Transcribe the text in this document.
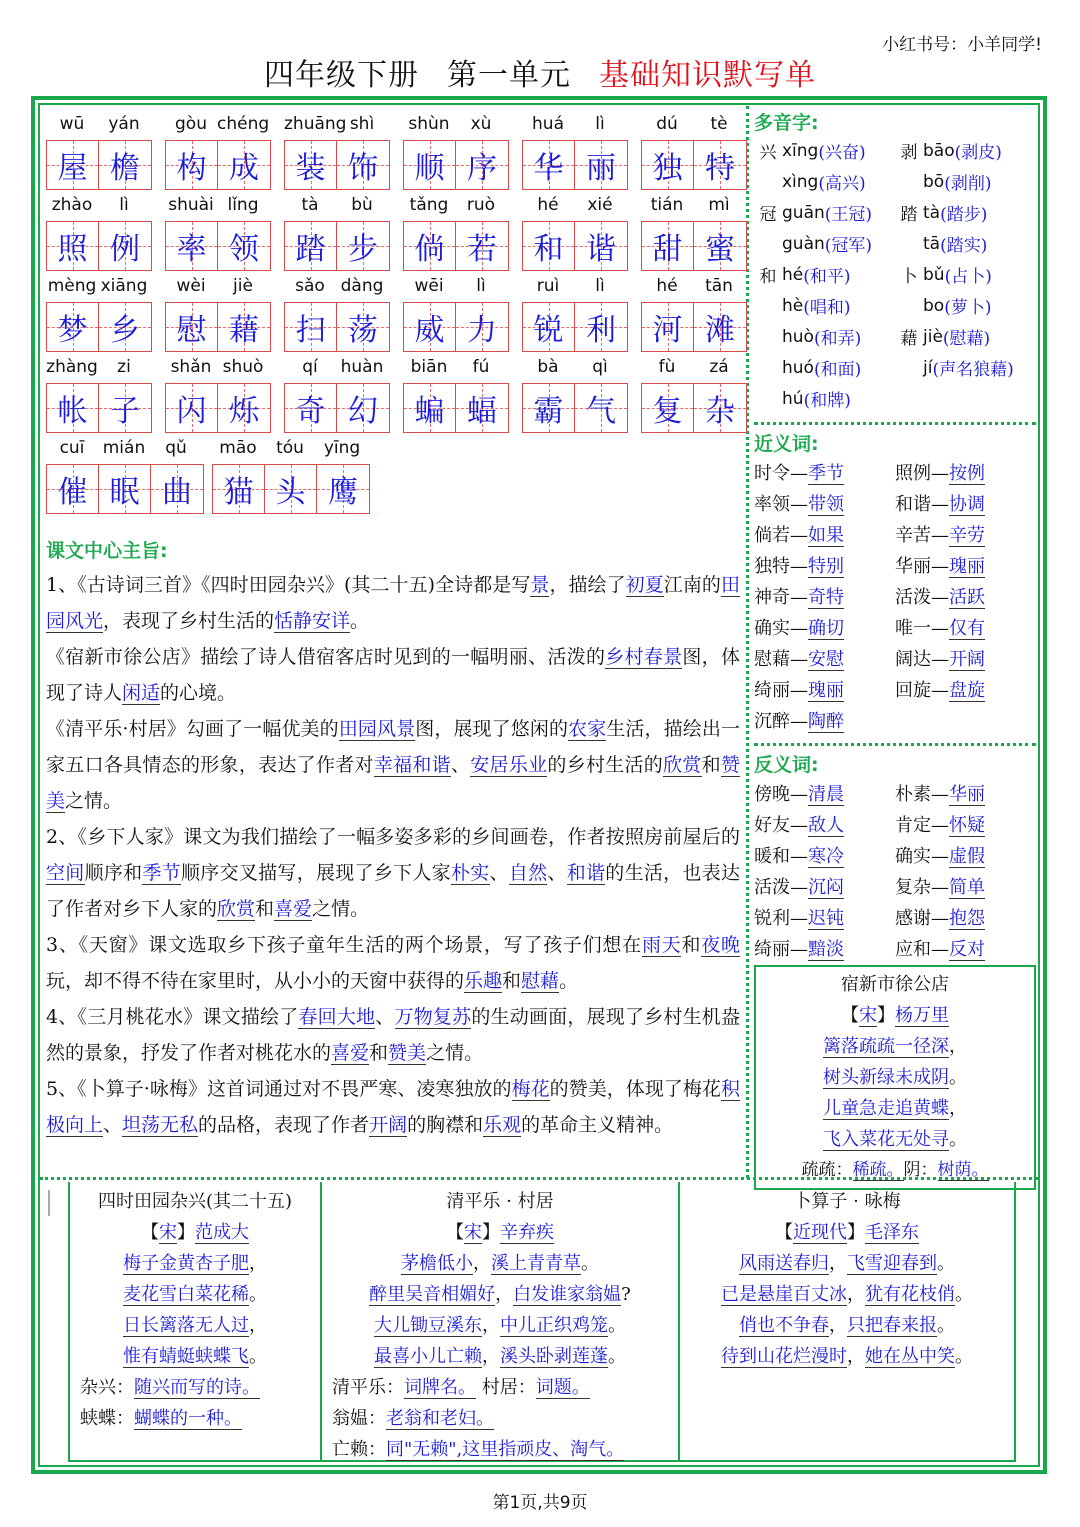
小红书号：小羊同学!
四年级下册 第一单元 基础知识默写单
wū	yán
屋 檐
gòu chéng
构 成
zhuāng shì
装 饰
shùn	xù
顺 序
huá	lì
华 丽
dú	tè
独 特
zhào	lì
照 例
shuài lǐng
率 领
tà	bù
踏 步
tǎng	ruò
倘 若
hé	xié
和 谐
tián	mì
甜 蜜
mèng xiāng
梦 乡
wèi	jiè
慰 藉
sǎo dàng
扫 荡
wēi	lì
威 力
ruì	lì
锐 利
hé	tān
河 滩
zhàng	zi
帐 子
shǎn shuò
闪 烁
qí	huàn
奇 幻
biān	fú
蝙 蝠
bà	qì
霸 气
fù	zá
复 杂
cuī	mián	qǔ
催 眠 曲
māo	tóu	yīng
猫 头 鹰
课文中心主旨:

1、《古诗词三首》《四时田园杂兴》(其二十五)全诗都是写景，描绘了初夏江南的田园风光，表现了乡村生活的恬静安详。

《宿新市徐公店》描绘了诗人借宿客店时见到的一幅明丽、活泼的乡村春景图，体现了诗人闲适的心境。

《清平乐·村居》勾画了一幅优美的田园风景图，展现了悠闲的农家生活，描绘出一家五口各具情态的形象，表达了作者对幸福和谐、安居乐业的乡村生活的欣赏和赞美之情。

2、《乡下人家》课文为我们描绘了一幅多姿多彩的乡间画卷，作者按照房前屋后的空间顺序和季节顺序交叉描写，展现了乡下人家朴实、自然、和谐的生活，也表达了作者对乡下人家的欣赏和喜爱之情。

3、《天窗》课文选取乡下孩子童年生活的两个场景，写了孩子们想在雨天和夜晚玩，却不得不待在家里时，从小小的天窗中获得的乐趣和慰藉。

4、《三月桃花水》课文描绘了春回大地、万物复苏的生动画面，展现了乡村生机盎然的景象，抒发了作者对桃花水的喜爱和赞美之情。

5、《卜算子·咏梅》这首词通过对不畏严寒、凌寒独放的梅花的赞美，体现了梅花积极向上、坦荡无私的品格，表现了作者开阔的胸襟和乐观的革命主义精神。

多音字:
兴 xīng (兴奋)	剥 bāo (剥皮)
xìng (高兴)	bō (剥削)
冠 guān (王冠)	踏 tà (踏步)
guàn (冠军)	tā (踏实)
和 hé (和平)	卜 bǔ (占卜)
hè (唱和)	bo (萝卜)
huò (和弄)	藉 jiè (慰藉)
huó (和面)	jí (声名狼藉)
hú (和牌)
近义词:
时令—季节	照例—按例
率领—带领	和谐—协调
倘若—如果	辛苦—辛劳
独特—特别	华丽—瑰丽
神奇—奇特	活泼—活跃
确实—确切	唯一—仅有
慰藉—安慰	阔达—开阔
绮丽—瑰丽	回旋—盘旋
沉醉—陶醉
反义词:
傍晚—清晨	朴素—华丽
好友—敌人	肯定—怀疑
暖和—寒冷	确实—虚假
活泼—沉闷	复杂—简单
锐利—迟钝	感谢—抱怨
绮丽—黯淡	应和—反对
宿新市徐公店
【宋】杨万里
篱落疏疏一径深，
树头新绿未成阴。
儿童急走追黄蝶，
飞入菜花无处寻。
疏疏：稀疏。阴：树荫。
四时田园杂兴(其二十五)
【宋】范成大
梅子金黄杏子肥，
麦花雪白菜花稀。
日长篱落无人过，
惟有蜻蜓蛱蝶飞。
杂兴：随兴而写的诗。
蛱蝶：蝴蝶的一种。
清平乐 · 村居
【宋】辛弃疾
茅檐低小，溪上青青草。
醉里吴音相媚好，白发谁家翁媪?
大儿锄豆溪东，中儿正织鸡笼。
最喜小儿亡赖，溪头卧剥莲蓬。
清平乐：词牌名。 村居：词题。
翁媪：老翁和老妇。
亡赖：同"无赖",这里指顽皮、淘气。
卜算子 · 咏梅
【近现代】毛泽东
风雨送春归，飞雪迎春到。
已是悬崖百丈冰，犹有花枝俏。
俏也不争春，只把春来报。
待到山花烂漫时，她在丛中笑。
第1页,共9页
